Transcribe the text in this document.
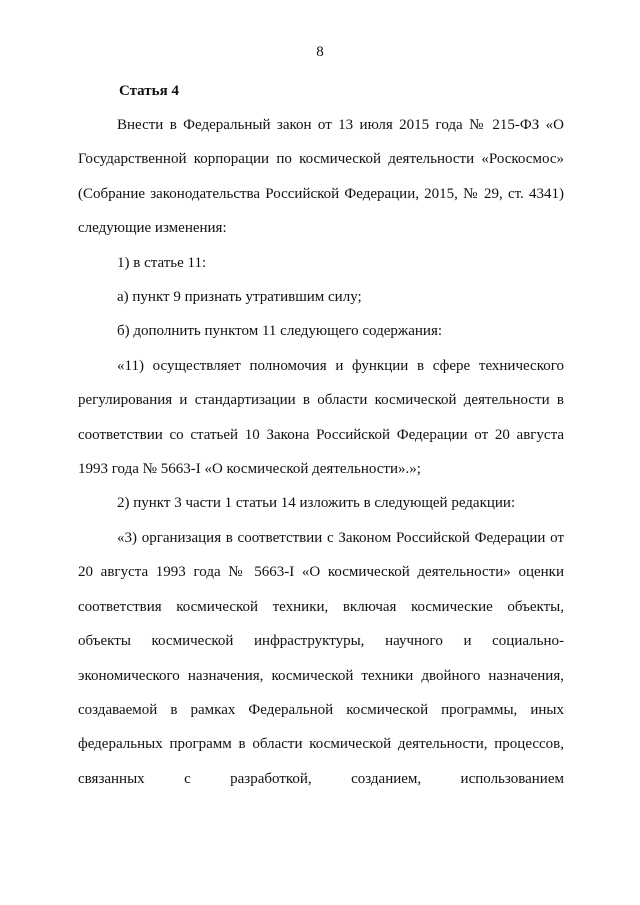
8
Статья 4

Внести в Федеральный закон от 13 июля 2015 года № 215-ФЗ «О Государственной корпорации по космической деятельности «Роскосмос» (Собрание законодательства Российской Федерации, 2015, № 29, ст. 4341) следующие изменения:

1) в статье 11:

а) пункт 9 признать утратившим силу;

б) дополнить пунктом 11 следующего содержания:

«11) осуществляет полномочия и функции в сфере технического регулирования и стандартизации в области космической деятельности в соответствии со статьей 10 Закона Российской Федерации от 20 августа 1993 года № 5663-I «О космической деятельности».»;

2) пункт 3 части 1 статьи 14 изложить в следующей редакции:

«3) организация в соответствии с Законом Российской Федерации от 20 августа 1993 года № 5663-I «О космической деятельности» оценки соответствия космической техники, включая космические объекты, объекты космической инфраструктуры, научного и социально-экономического назначения, космической техники двойного назначения, создаваемой в рамках Федеральной космической программы, иных федеральных программ в области космической деятельности, процессов, связанных с разработкой, созданием, использованием
